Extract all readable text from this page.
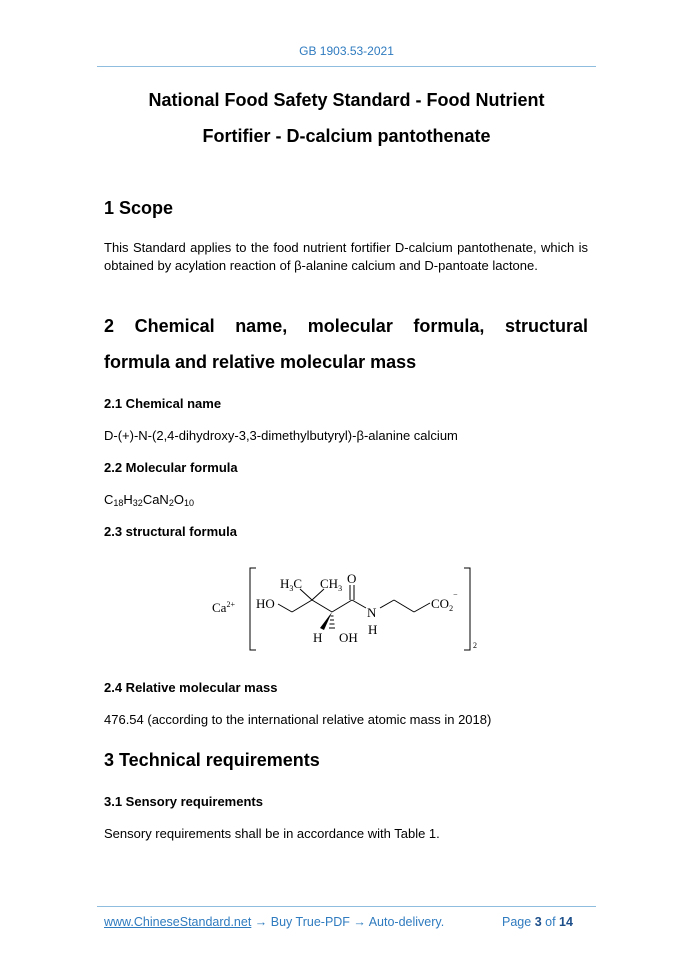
GB 1903.53-2021
National Food Safety Standard - Food Nutrient
Fortifier - D-calcium pantothenate
1 Scope
This Standard applies to the food nutrient fortifier D-calcium pantothenate, which is obtained by acylation reaction of β-alanine calcium and D-pantoate lactone.
2 Chemical name, molecular formula, structural
formula and relative molecular mass
2.1 Chemical name
D-(+)-N-(2,4-dihydroxy-3,3-dimethylbutyryl)-β-alanine calcium
2.2 Molecular formula
$C_{18}H_{32}CaN_2O_{10}$
2.3 structural formula
$Ca^{2+}$ HO
$H_3C$ $CH_3$
O
N
H
H OH
$CO_2^-$
2
2.4 Relative molecular mass
476.54 (according to the international relative atomic mass in 2018)
3 Technical requirements
3.1 Sensory requirements
Sensory requirements shall be in accordance with Table 1.
www.ChineseStandard.net → Buy True-PDF → Auto-delivery.	Page 3 of 14
